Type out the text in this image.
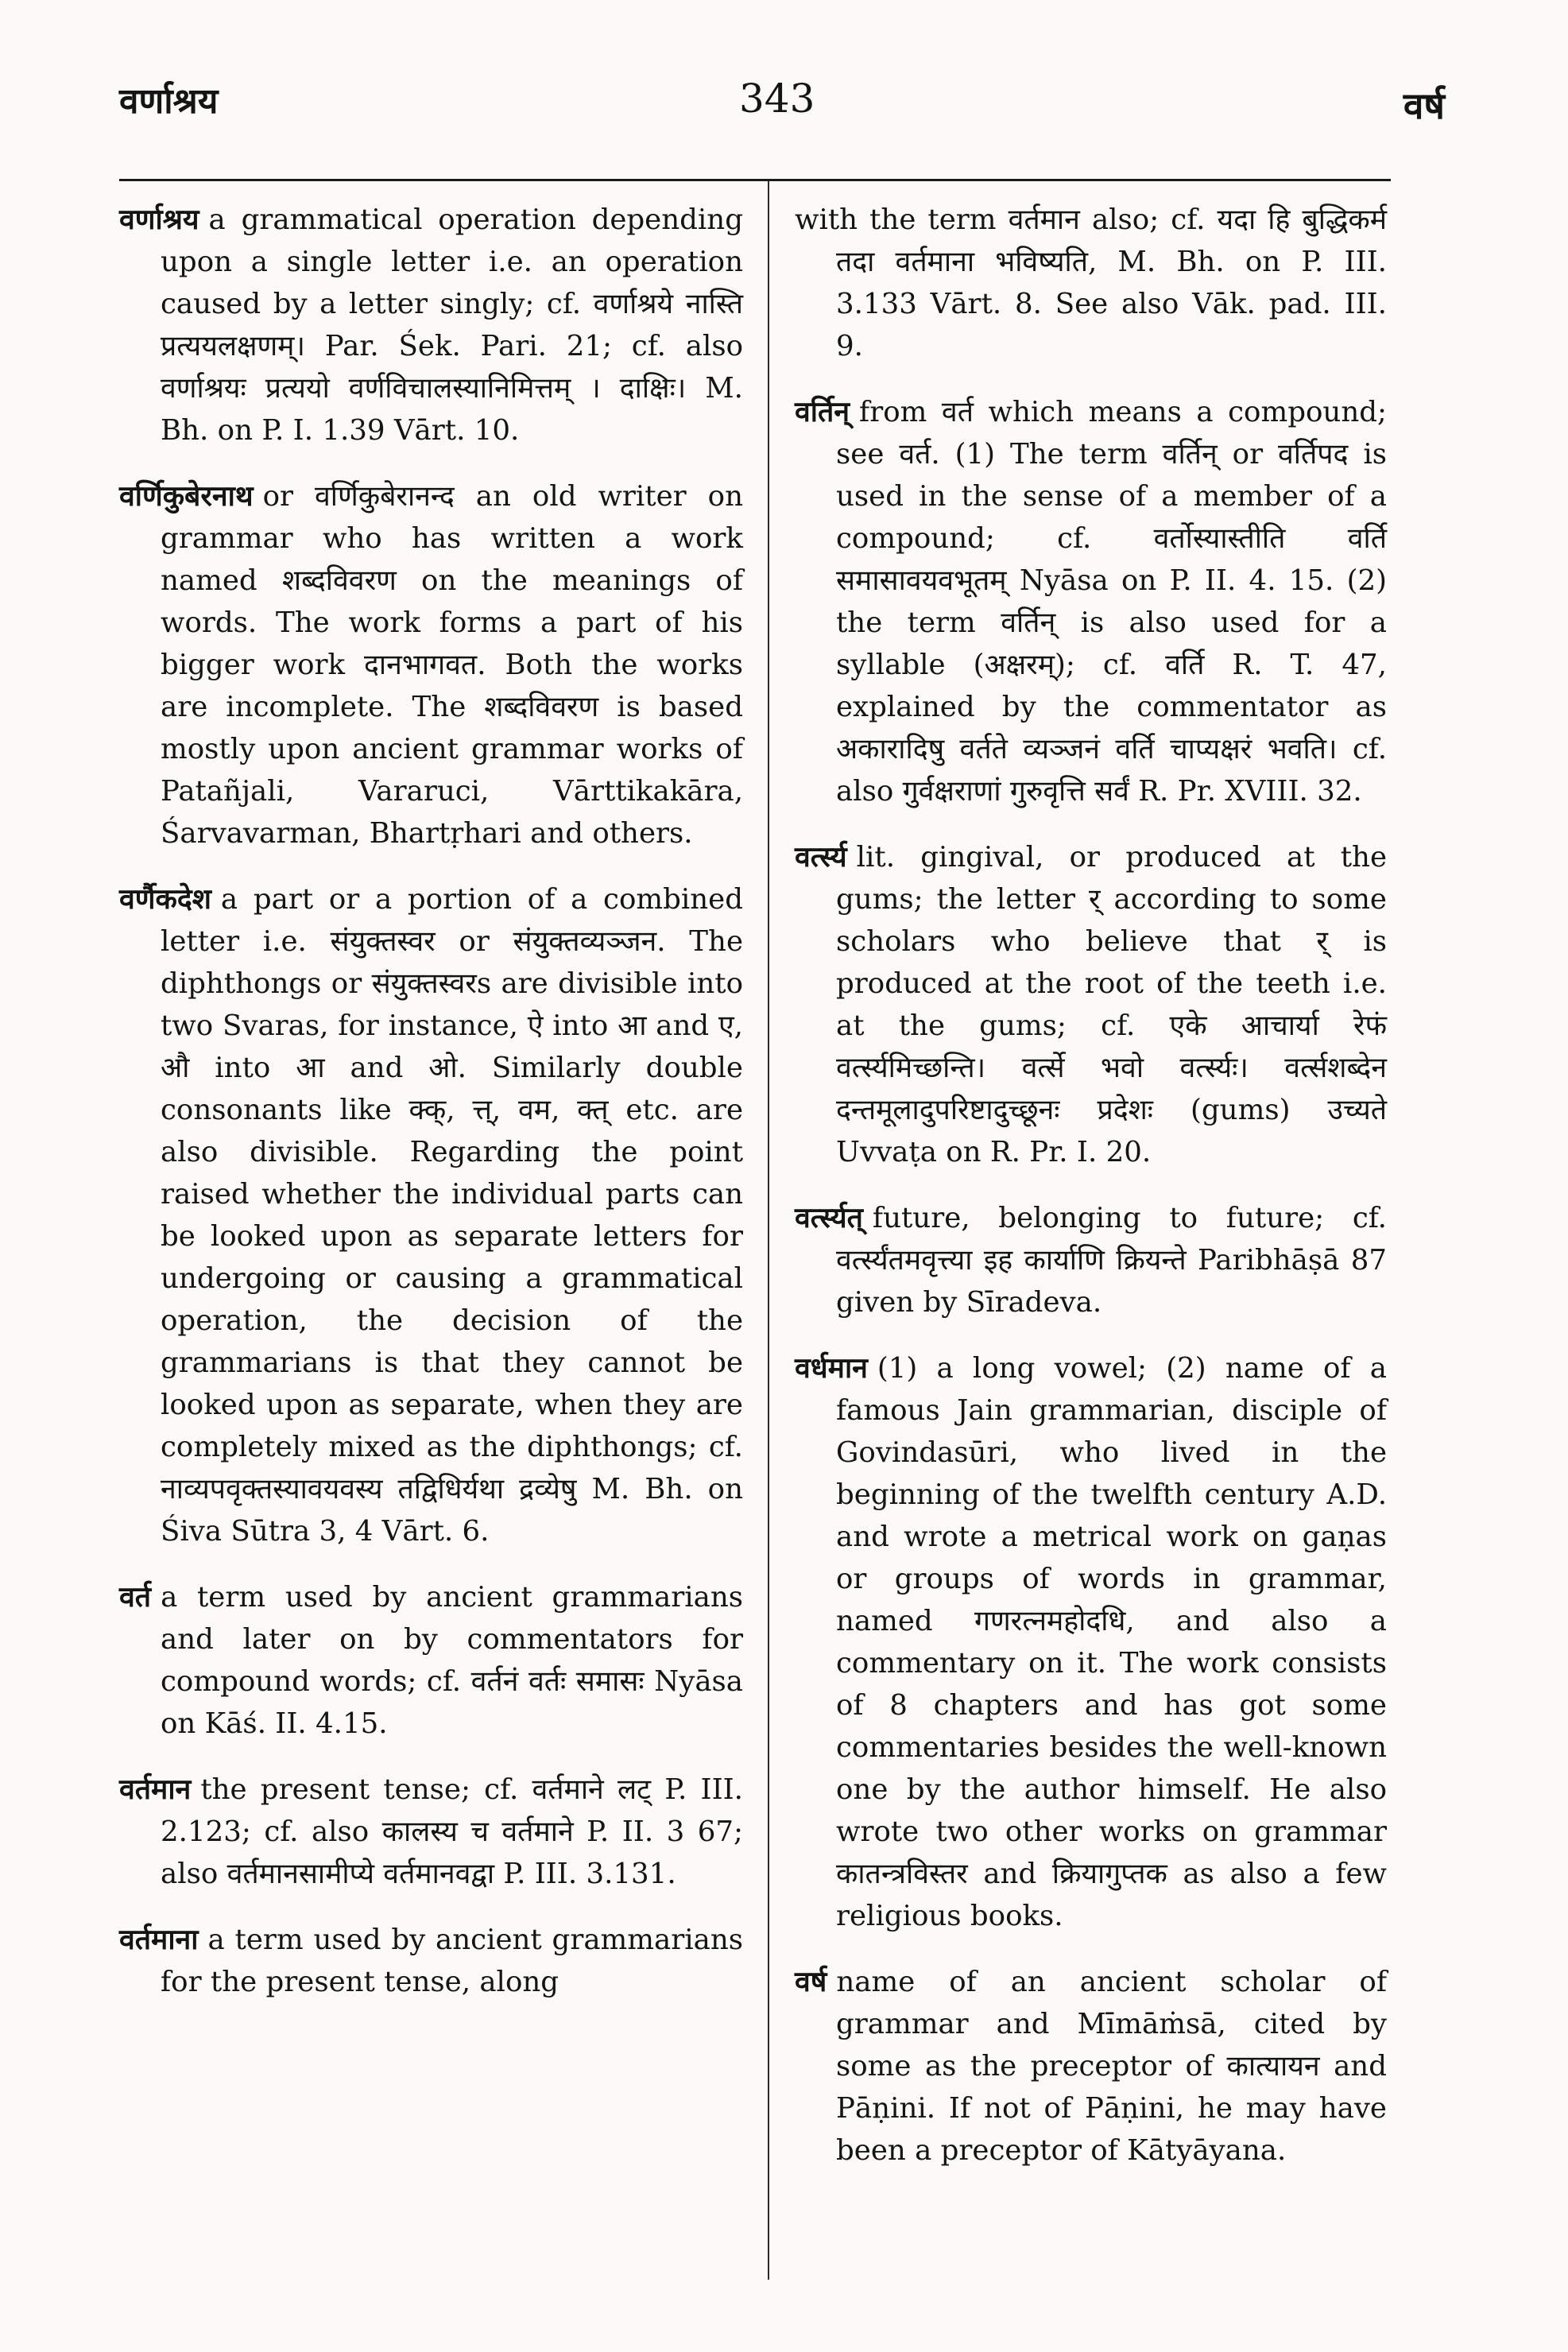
वर्णाश्रय	343	वर्ष

वर्णाश्रय a grammatical operation depending upon a single letter i.e. an operation caused by a letter singly; cf. वर्णाश्रये नास्ति प्रत्ययलक्षणम्। Par. Śek. Pari. 21; cf. also वर्णाश्रयः प्रत्ययो वर्णविचालस्यानिमित्तम् । दाक्षिः। M. Bh. on P. I. 1.39 Vārt. 10.

वर्णिकुबेरनाथ or वर्णिकुबेरानन्द an old writer on grammar who has written a work named शब्दविवरण on the meanings of words. The work forms a part of his bigger work दानभागवत. Both the works are incomplete. The शब्दविवरण is based mostly upon ancient grammar works of Patañjali, Vararuci, Vārttikakāra, Śarvavarman, Bhartṛhari and others.

वर्णैकदेश a part or a portion of a combined letter i.e. संयुक्तस्वर or संयुक्तव्यञ्जन. The diphthongs or संयुक्तस्वरs are divisible into two Svaras, for instance, ऐ into आ and ए, औ into आ and ओ. Similarly double consonants like क्क्, त्त्, वम, क्त् etc. are also divisible. Regarding the point raised whether the individual parts can be looked upon as separate letters for undergoing or causing a grammatical operation, the decision of the grammarians is that they cannot be looked upon as separate, when they are completely mixed as the diphthongs; cf. नाव्यपवृक्तस्यावयवस्य तद्विधिर्यथा द्रव्येषु M. Bh. on Śiva Sūtra 3, 4 Vārt. 6.

वर्त a term used by ancient grammarians and later on by commentators for compound words; cf. वर्तनं वर्तः समासः Nyāsa on Kāś. II. 4.15.

वर्तमान the present tense; cf. वर्तमाने लट् P. III. 2.123; cf. also कालस्य च वर्तमाने P. II. 3 67; also वर्तमानसामीप्ये वर्तमानवद्वा P. III. 3.131.

वर्तमाना a term used by ancient grammarians for the present tense, along

with the term वर्तमान also; cf. यदा हि बुद्धिकर्म तदा वर्तमाना भविष्यति, M. Bh. on P. III. 3.133 Vārt. 8. See also Vāk. pad. III. 9.

वर्तिन् from वर्त which means a compound; see वर्त. (1) The term वर्तिन् or वर्तिपद is used in the sense of a member of a compound; cf. वर्तोस्यास्तीति वर्ति समासावयवभूतम् Nyāsa on P. II. 4. 15. (2) the term वर्तिन् is also used for a syllable (अक्षरम्); cf. वर्ति R. T. 47, explained by the commentator as अकारादिषु वर्तते व्यञ्जनं वर्ति चाप्यक्षरं भवति। cf. also गुर्वक्षराणां गुरुवृत्ति सर्वं R. Pr. XVIII. 32.

वर्त्स्य lit. gingival, or produced at the gums; the letter र् according to some scholars who believe that र् is produced at the root of the teeth i.e. at the gums; cf. एके आचार्या रेफं वर्त्स्यमिच्छन्ति। वर्त्से भवो वर्त्स्यः। वर्त्सशब्देन दन्तमूलादुपरिष्टादुच्छूनः प्रदेशः (gums) उच्यते Uvvaṭa on R. Pr. I. 20.

वर्त्स्यत् future, belonging to future; cf. वर्त्स्यंतमवृत्त्या इह कार्याणि क्रियन्ते Paribhāṣā 87 given by Sīradeva.

वर्धमान (1) a long vowel; (2) name of a famous Jain grammarian, disciple of Govindasūri, who lived in the beginning of the twelfth century A.D. and wrote a metrical work on gaṇas or groups of words in grammar, named गणरत्नमहोदधि, and also a commentary on it. The work consists of 8 chapters and has got some commentaries besides the well-known one by the author himself. He also wrote two other works on grammar कातन्त्रविस्तर and क्रियागुप्तक as also a few religious books.

वर्ष name of an ancient scholar of grammar and Mīmāṁsā, cited by some as the preceptor of कात्यायन and Pāṇini. If not of Pāṇini, he may have been a preceptor of Kātyāyana.
